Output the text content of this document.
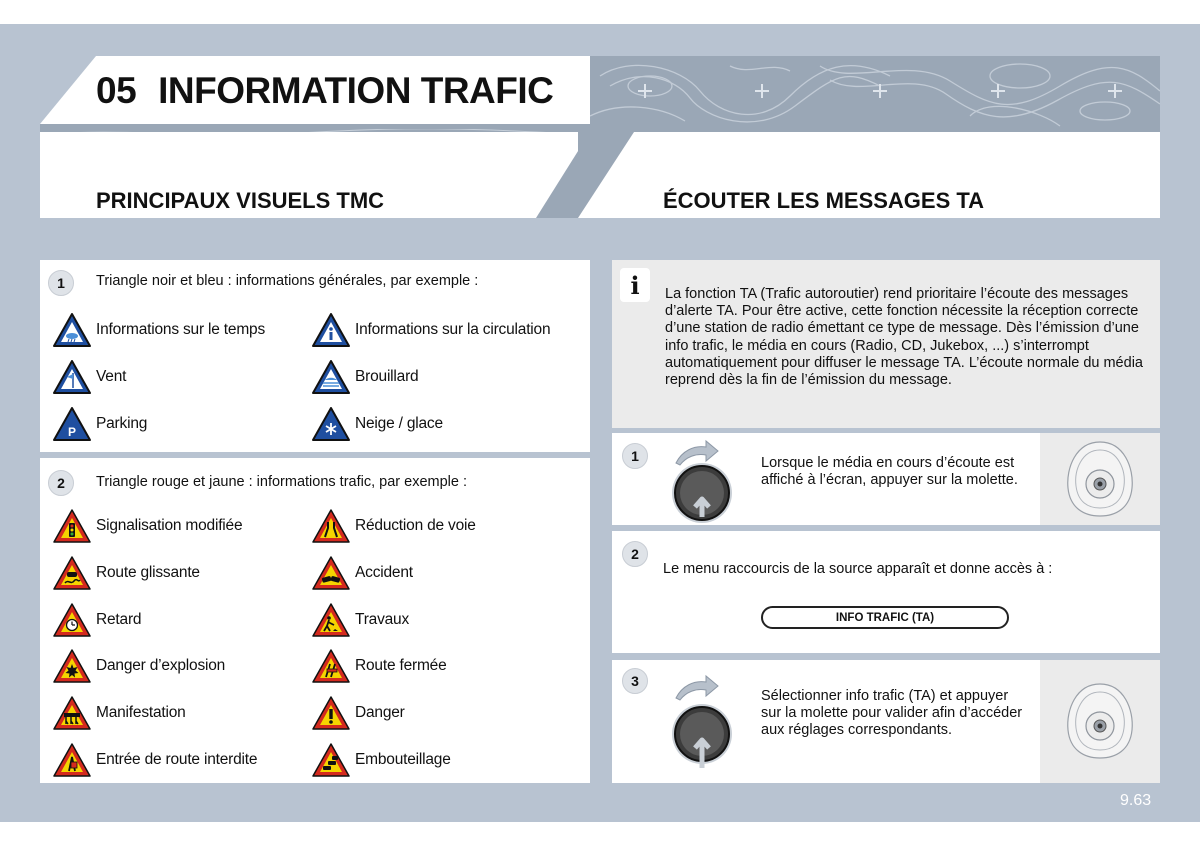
05 INFORMATION TRAFIC
PRINCIPAUX VISUELS TMC	ÉCOUTER LES MESSAGES TA
1	Triangle noir et bleu : informations générales, par exemple :
Informations sur le temps	Informations sur la circulation
Vent	Brouillard
P Parking	Neige / glace
2	Triangle rouge et jaune : informations trafic, par exemple :
Signalisation modifiée	Réduction de voie
Route glissante	Accident
Retard	Travaux
Danger d’explosion	Route fermée
Manifestation	Danger
Entrée de route interdite	Embouteillage
i	La fonction TA (Trafic autoroutier) rend prioritaire l’écoute des messages d’alerte TA. Pour être active, cette fonction nécessite la réception correcte d’une station de radio émettant ce type de message. Dès l’émission d’une info trafic, le média en cours (Radio, CD, Jukebox, ...) s’interrompt automatiquement pour diffuser le message TA. L’écoute normale du média reprend dès la fin de l’émission du message.
1	Lorsque le média en cours d’écoute est affiché à l’écran, appuyer sur la molette.
2
Le menu raccourcis de la source apparaît et donne accès à :
INFO TRAFIC (TA)
3
Sélectionner info trafic (TA) et appuyer sur la molette pour valider afin d’accéder aux réglages correspondants.
9.63
